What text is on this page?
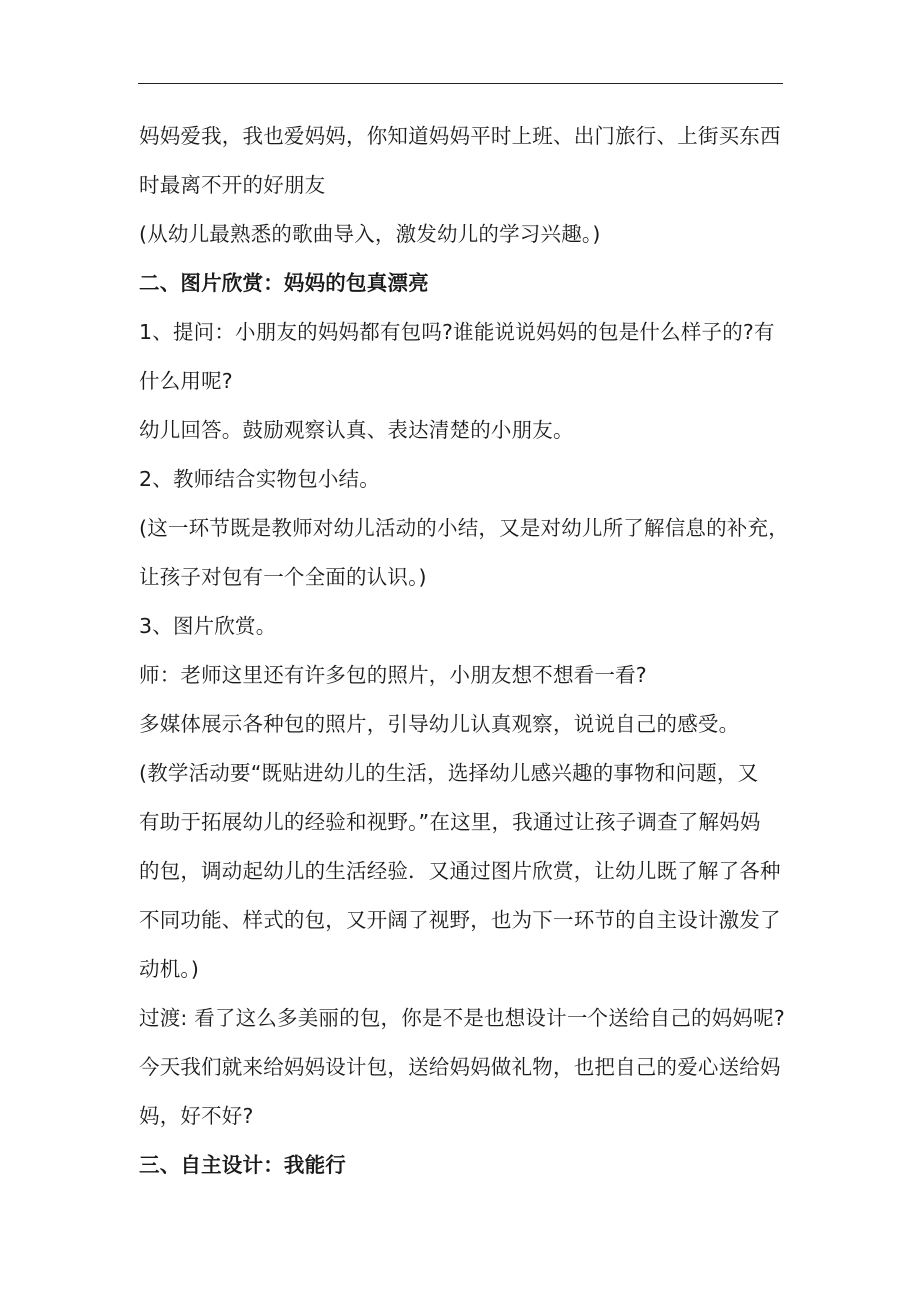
妈妈爱我，我也爱妈妈，你知道妈妈平时上班、出门旅行、上街买东西
时最离不开的好朋友
(从幼儿最熟悉的歌曲导入，激发幼儿的学习兴趣。)
二、图片欣赏：妈妈的包真漂亮
1、提问：小朋友的妈妈都有包吗?谁能说说妈妈的包是什么样子的?有
什么用呢?
幼儿回答。鼓励观察认真、表达清楚的小朋友。
2、教师结合实物包小结。
(这一环节既是教师对幼儿活动的小结，又是对幼儿所了解信息的补充，
让孩子对包有一个全面的认识。)
3、图片欣赏。
师：老师这里还有许多包的照片，小朋友想不想看一看?
多媒体展示各种包的照片，引导幼儿认真观察，说说自己的感受。
(教学活动要“既贴进幼儿的生活，选择幼儿感兴趣的事物和问题，又
有助于拓展幼儿的经验和视野。”在这里，我通过让孩子调查了解妈妈
的包，调动起幼儿的生活经验．又通过图片欣赏，让幼儿既了解了各种
不同功能、样式的包，又开阔了视野，也为下一环节的自主设计激发了
动机。)
过渡: 看了这么多美丽的包，你是不是也想设计一个送给自己的妈妈呢?
今天我们就来给妈妈设计包，送给妈妈做礼物，也把自己的爱心送给妈
妈，好不好?
三、自主设计：我能行
